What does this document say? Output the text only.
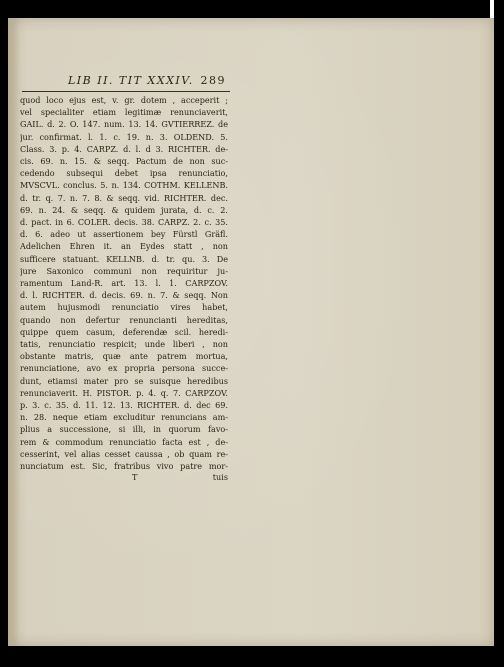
LIB II. TIT XXXIV. 289
quod loco ejus est, v. gr. dotem , acceperit ;
vel specialiter etiam legitimæ renunciaverit,
GAIL. d. 2. O. 147. num. 13. 14. GVTIERREZ. de
jur. confirmat. l. 1. c. 19. n. 3. OLDEND. 5.
Class. 3. p. 4. CARPZ. d. l. d 3. RICHTER. de-
cis. 69. n. 15. & seqq. Pactum de non suc-
cedendo subsequi debet ipsa renunciatio,
MVSCVL. conclus. 5. n. 134. COTHM. KELLENB.
d. tr. q. 7. n. 7. 8. & seqq. vid. RICHTER. dec.
69. n. 24. & seqq. & quidem jurata, d. c. 2.
d. pact. in 6. COLER. decis. 38. CARPZ. 2. c. 35.
d. 6. adeo ut assertionem bey Fürstl Gräfl.
Adelichen Ehren it. an Eydes statt , non
sufficere statuant. KELLNB. d. tr. qu. 3. De
jure Saxonico communi non requiritur ju-
ramentum Land-R. art. 13. l. 1. CARPZOV.
d. l. RICHTER. d. decis. 69. n. 7. & seqq. Non
autem hujusmodi renunciatio vires habet,
quando non defertur renuncianti hereditas,
quippe quem casum, deferendæ scil. heredi-
tatis, renunciatio respicit; unde liberi , non
obstante matris, quæ ante patrem mortua,
renunciatione, avo ex propria persona succe-
dunt, etiamsi mater pro se suisque heredibus
renunciaverit. H. PISTOR. p. 4. q. 7. CARPZOV.
p. 3. c. 35. d. 11. 12. 13. RICHTER. d. dec 69.
n. 28. neque etiam excluditur renuncians am-
plius a successione, si illi, in quorum favo-
rem & commodum renunciatio facta est , de-
cesserint, vel alias cesset caussa , ob quam re-
nunciatum est. Sic, fratribus vivo patre mor-
T	tuis
